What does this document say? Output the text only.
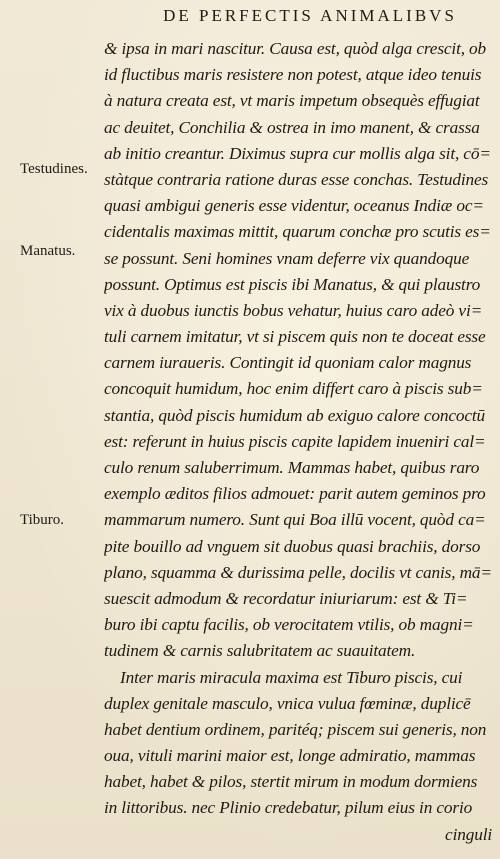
DE PERFECTIS ANIMALIBVS
Testudines.
Manatus.
Tiburo.
& ipsa in mari nascitur. Causa est, quòd alga crescit, ob
id fluctibus maris resistere non potest, atque ideo tenuis
à natura creata est, vt maris impetum obsequès effugiat
ac deuitet, Conchilia & ostrea in imo manent, & crassa
ab initio creantur. Diximus supra cur mollis alga sit, cō=
stàtque contraria ratione duras esse conchas. Testudines
quasi ambigui generis esse videntur, oceanus Indiæ oc=
cidentalis maximas mittit, quarum conchæ pro scutis es=
se possunt. Seni homines vnam deferre vix quandoque
possunt. Optimus est piscis ibi Manatus, & qui plaustro
vix à duobus iunctis bobus vehatur, huius caro adeò vi=
tuli carnem imitatur, vt si piscem quis non te doceat esse
carnem iuraueris. Contingit id quoniam calor magnus
concoquit humidum, hoc enim differt caro à piscis sub=
stantia, quòd piscis humidum ab exiguo calore concoctū
est: referunt in huius piscis capite lapidem inueniri cal=
culo renum saluberrimum. Mammas habet, quibus raro
exemplo æditos filios admouet: parit autem geminos pro
mammarum numero. Sunt qui Boa illū vocent, quòd ca=
pite bouillo ad vnguem sit duobus quasi brachiis, dorso
plano, squamma & durissima pelle, docilis vt canis, mā=
suescit admodum & recordatur iniuriarum: est & Ti=
buro ibi captu facilis, ob verocitatem vtilis, ob magni=
tudinem & carnis salubritatem ac suauitatem.
Inter maris miracula maxima est Tiburo piscis, cui
duplex genitale masculo, vnica vulua fœminæ, duplicē
habet dentium ordinem, paritéq; piscem sui generis, non
oua, vituli marini maior est, longe admiratio, mammas
habet, habet & pilos, stertit mirum in modum dormiens
in littoribus. nec Plinio credebatur, pilum eius in corio
cinguli
